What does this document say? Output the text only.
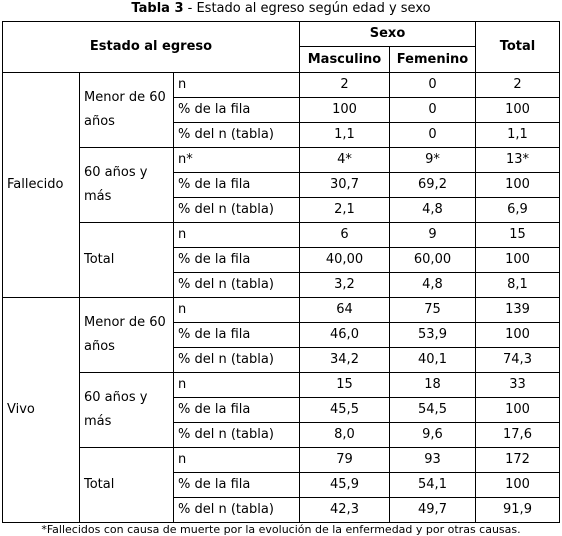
Tabla 3 - Estado al egreso según edad y sexo
Estado al egreso			Sexo		Total
			Masculino	Femenino	
Fallecido	Menor de 60 años	n	2	0	2
		% de la fila	100	0	100
		% del n (tabla)	1,1	0	1,1
	60 años y más	n*	4*	9*	13*
		% de la fila	30,7	69,2	100
		% del n (tabla)	2,1	4,8	6,9
	Total	n	6	9	15
		% de la fila	40,00	60,00	100
		% del n (tabla)	3,2	4,8	8,1
Vivo	Menor de 60 años	n	64	75	139
		% de la fila	46,0	53,9	100
		% del n (tabla)	34,2	40,1	74,3
	60 años y más	n	15	18	33
		% de la fila	45,5	54,5	100
		% del n (tabla)	8,0	9,6	17,6
	Total	n	79	93	172
		% de la fila	45,9	54,1	100
		% del n (tabla)	42,3	49,7	91,9
*Fallecidos con causa de muerte por la evolución de la enfermedad y por otras causas.
